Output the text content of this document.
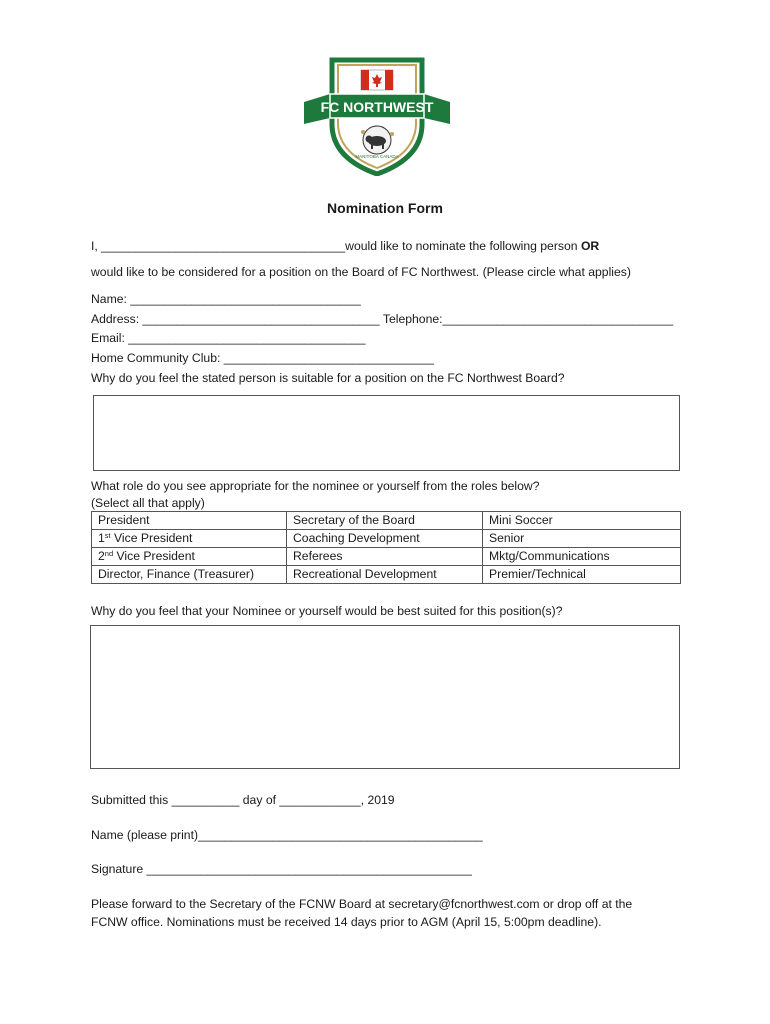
FC NORTHWEST
MANITOBA CANADA
Nomination Form
I, ____________________________________would like to nominate the following person OR
would like to be considered for a position on the Board of FC Northwest. (Please circle what applies)
Name: __________________________________
Address: ___________________________________ Telephone:__________________________________
Email: ___________________________________
Home Community Club: _______________________________
Why do you feel the stated person is suitable for a position on the FC Northwest Board?
What role do you see appropriate for the nominee or yourself from the roles below?
(Select all that apply)
President	Secretary of the Board	Mini Soccer
1st Vice President	Coaching Development	Senior
2nd Vice President	Referees	Mktg/Communications
Director, Finance (Treasurer)	Recreational Development	Premier/Technical
Why do you feel that your Nominee or yourself would be best suited for this position(s)?
Submitted this __________ day of ____________, 2019
Name (please print)__________________________________________
Signature ________________________________________________
Please forward to the Secretary of the FCNW Board at secretary@fcnorthwest.com or drop off at the
FCNW office. Nominations must be received 14 days prior to AGM (April 15, 5:00pm deadline).
